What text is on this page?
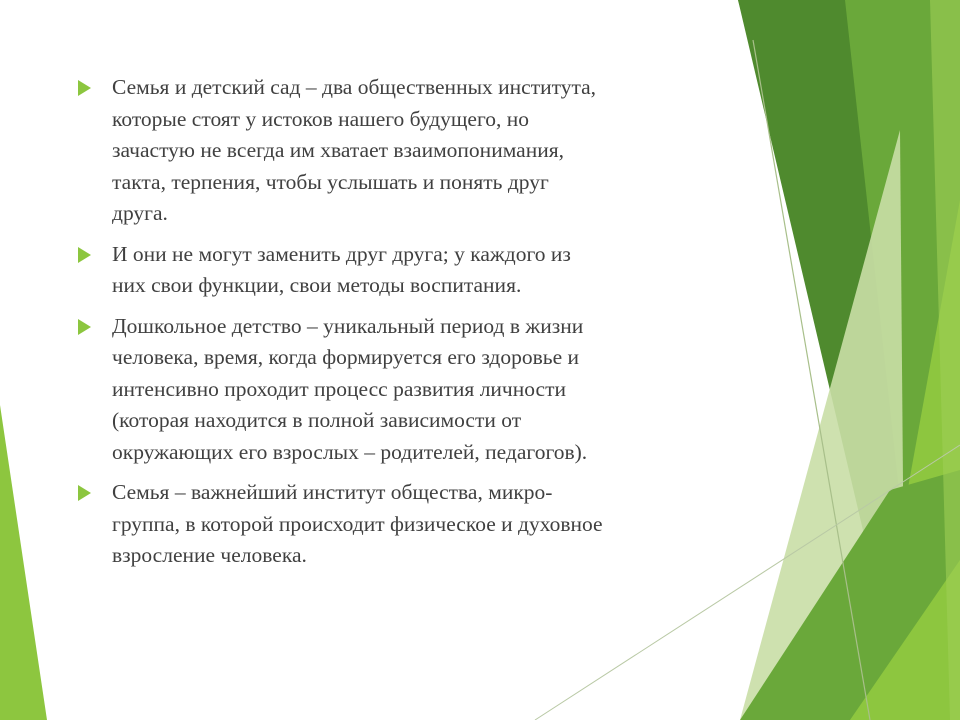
Семья и детский сад – два общественных института,
которые стоят у истоков нашего будущего, но
зачастую не всегда им хватает взаимопонимания,
такта, терпения, чтобы услышать и понять друг
друга.
И они не могут заменить друг друга; у каждого из
них свои функции, свои методы воспитания.
Дошкольное детство – уникальный период в жизни
человека, время, когда формируется его здоровье и
интенсивно проходит процесс развития личности
(которая находится в полной зависимости от
окружающих его взрослых – родителей, педагогов).
Семья – важнейший институт общества, микро-
группа, в которой происходит физическое и духовное
взросление человека.
